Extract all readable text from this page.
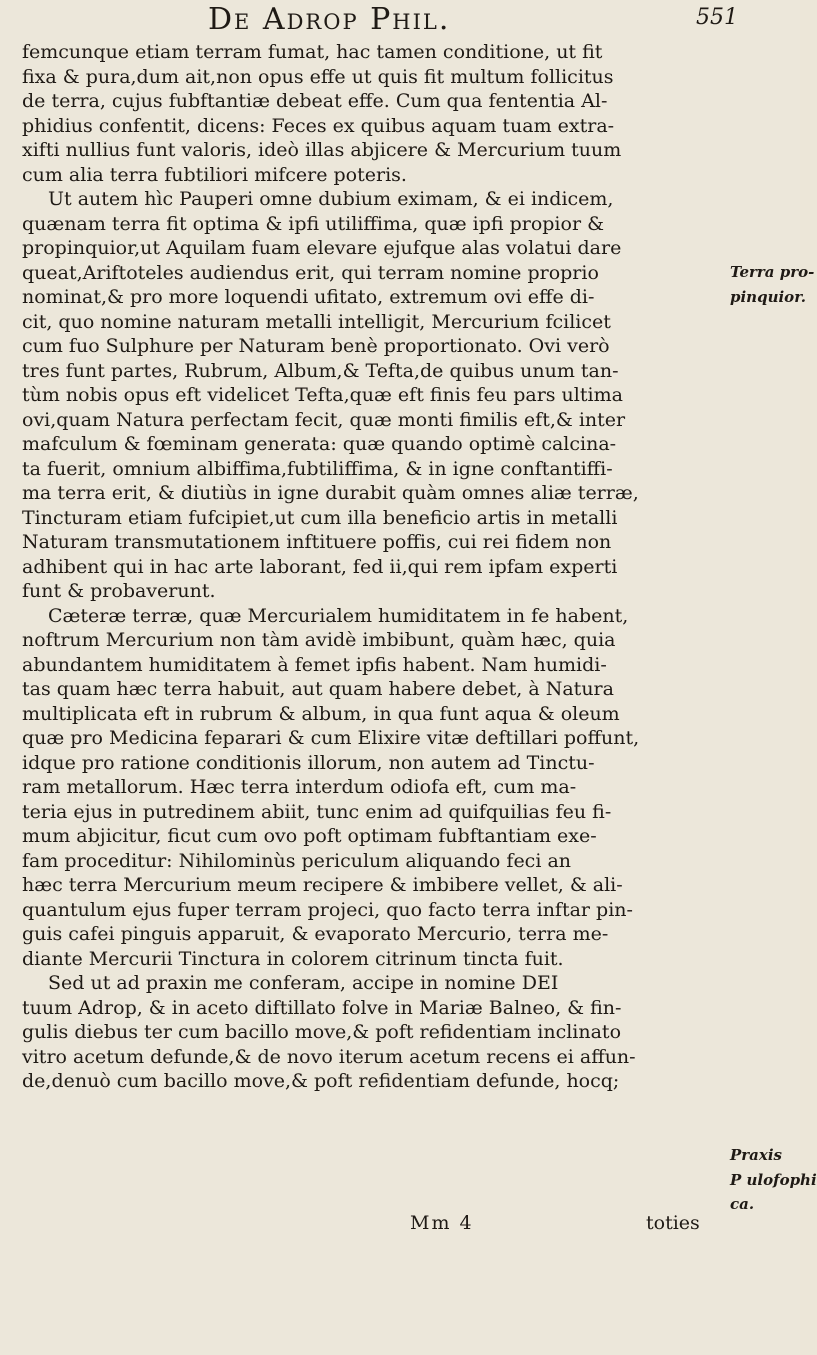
De Adrop Phil.	551
femcunque etiam terram fumat, hac tamen conditione, ut fit
fixa & pura,dum ait,non opus effe ut quis fit multum follicitus
de terra, cujus fubftantiæ debeat effe. Cum qua fententia Al-
phidius confentit, dicens: Feces ex quibus aquam tuam extra-
xifti nullius funt valoris, ideò illas abjicere & Mercurium tuum
cum alia terra fubtiliori mifcere poteris.
Ut autem hìc Pauperi omne dubium eximam, & ei indicem,
quænam terra fit optima & ipfi utiliffima, quæ ipfi propior &
propinquior,ut Aquilam fuam elevare ejufque alas volatui dare
queat,Ariftoteles audiendus erit, qui terram nomine proprio
nominat,& pro more loquendi ufitato, extremum ovi effe di-
cit, quo nomine naturam metalli intelligit, Mercurium fcilicet
cum fuo Sulphure per Naturam benè proportionato. Ovi verò
tres funt partes, Rubrum, Album,& Tefta,de quibus unum tan-
tùm nobis opus eft videlicet Tefta,quæ eft finis feu pars ultima
ovi,quam Natura perfectam fecit, quæ monti fimilis eft,& inter
mafculum & fœminam generata: quæ quando optimè calcina-
ta fuerit, omnium albiffima,fubtiliffima, & in igne conftantiffi-
ma terra erit, & diutiùs in igne durabit quàm omnes aliæ terræ,
Tincturam etiam fufcipiet,ut cum illa beneficio artis in metalli
Naturam transmutationem inftituere poffis, cui rei fidem non
adhibent qui in hac arte laborant, fed ii,qui rem ipfam experti
funt & probaverunt.
Cæteræ terræ, quæ Mercurialem humiditatem in fe habent,
noftrum Mercurium non tàm avidè imbibunt, quàm hæc, quia
abundantem humiditatem à femet ipfis habent. Nam humidi-
tas quam hæc terra habuit, aut quam habere debet, à Natura
multiplicata eft in rubrum & album, in qua funt aqua & oleum
quæ pro Medicina feparari & cum Elixire vitæ deftillari poffunt,
idque pro ratione conditionis illorum, non autem ad Tinctu-
ram metallorum. Hæc terra interdum odiofa eft, cum ma-
teria ejus in putredinem abiit, tunc enim ad quifquilias feu fi-
mum abjicitur, ficut cum ovo poft optimam fubftantiam exe-
fam proceditur: Nihilominùs periculum aliquando feci an
hæc terra Mercurium meum recipere & imbibere vellet, & ali-
quantulum ejus fuper terram projeci, quo facto terra inftar pin-
guis cafei pinguis apparuit, & evaporato Mercurio, terra me-
diante Mercurii Tinctura in colorem citrinum tincta fuit.
Sed ut ad praxin me conferam, accipe in nomine DEI
tuum Adrop, & in aceto diftillato folve in Mariæ Balneo, & fin-
gulis diebus ter cum bacillo move,& poft refidentiam inclinato
vitro acetum defunde,& de novo iterum acetum recens ei affun-
de,denuò cum bacillo move,& poft refidentiam defunde, hocq;
Terra pro-
pinquior.
Praxis
P ulofophi
ca.
Mm 4	toties
